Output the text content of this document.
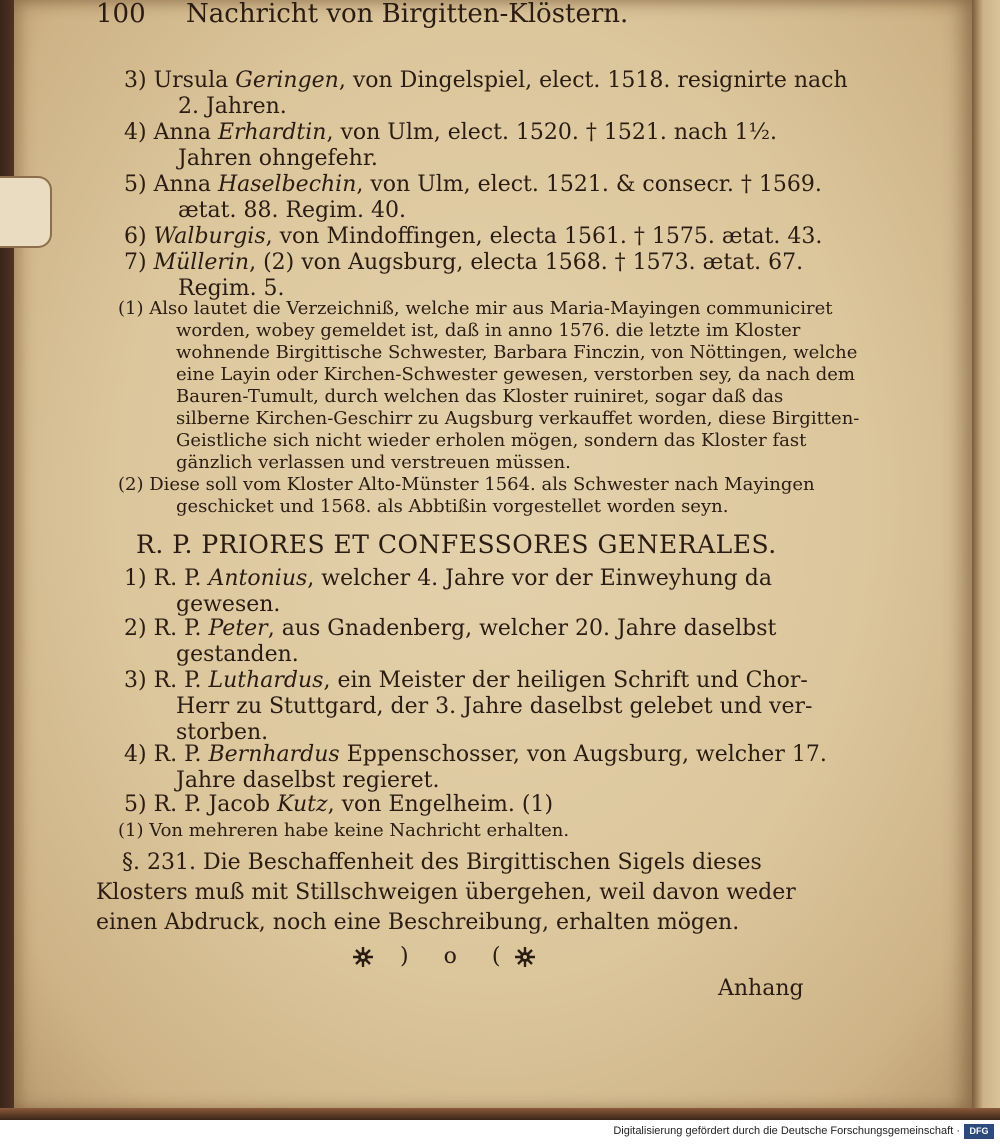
100 Nachricht von Birgitten-Klöstern.
3) Ursula Geringen, von Dingelspiel, elect. 1518. resignirte nach
2. Jahren.
4) Anna Erhardtin, von Ulm, elect. 1520. † 1521. nach 1½.
Jahren ohngefehr.
5) Anna Haselbechin, von Ulm, elect. 1521. & consecr. † 1569.
ætat. 88. Regim. 40.
6) Walburgis, von Mindoffingen, electa 1561. † 1575. ætat. 43.
7) Müllerin, (2) von Augsburg, electa 1568. † 1573. ætat. 67.
Regim. 5.
(1) Also lautet die Verzeichniß, welche mir aus Maria-Mayingen communiciret
worden, wobey gemeldet ist, daß in anno 1576. die letzte im Kloster
wohnende Birgittische Schwester, Barbara Finczin, von Nöttingen, welche
eine Layin oder Kirchen-Schwester gewesen, verstorben sey, da nach dem
Bauren-Tumult, durch welchen das Kloster ruiniret, sogar daß das
silberne Kirchen-Geschirr zu Augsburg verkauffet worden, diese Birgitten-
Geistliche sich nicht wieder erholen mögen, sondern das Kloster fast
gänzlich verlassen und verstreuen müssen.
(2) Diese soll vom Kloster Alto-Münster 1564. als Schwester nach Mayingen
geschicket und 1568. als Abbtißin vorgestellet worden seyn.
R. P. PRIORES ET CONFESSORES GENERALES.
1) R. P. Antonius, welcher 4. Jahre vor der Einweyhung da
gewesen.
2) R. P. Peter, aus Gnadenberg, welcher 20. Jahre daselbst
gestanden.
3) R. P. Luthardus, ein Meister der heiligen Schrift und Chor-
Herr zu Stuttgard, der 3. Jahre daselbst gelebet und ver-
storben.
4) R. P. Bernhardus Eppenschosser, von Augsburg, welcher 17.
Jahre daselbst regieret.
5) R. P. Jacob Kutz, von Engelheim. (1)
(1) Von mehreren habe keine Nachricht erhalten.
§. 231. Die Beschaffenheit des Birgittischen Sigels dieses
Klosters muß mit Stillschweigen übergehen, weil davon weder
einen Abdruck, noch eine Beschreibung, erhalten mögen.
) o (
Anhang
Digitalisierung gefördert durch die Deutsche Forschungsgemeinschaft ·	DFG
